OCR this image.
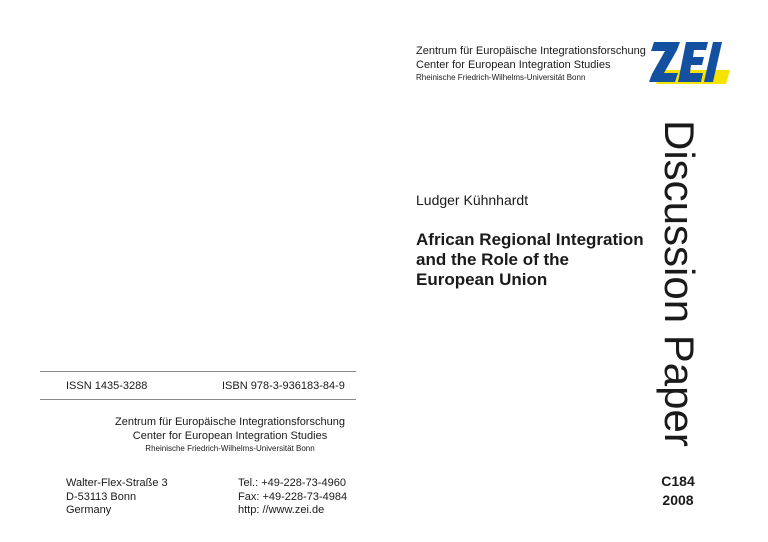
ISSN 1435-3288	ISBN 978-3-936183-84-9
Zentrum für Europäische Integrationsforschung
Center for European Integration Studies
Rheinische Friedrich-Wilhelms-Universität Bonn
Walter-Flex-Straße 3
D-53113 Bonn
Germany
Tel.: +49-228-73-4960
Fax: +49-228-73-4984
http: //www.zei.de
Zentrum für Europäische Integrationsforschung
Center for European Integration Studies
Rheinische Friedrich-Wilhelms-Universität Bonn
Ludger Kühnhardt
African Regional Integration
and the Role of the
European Union	Discussion Paper
C184
2008
